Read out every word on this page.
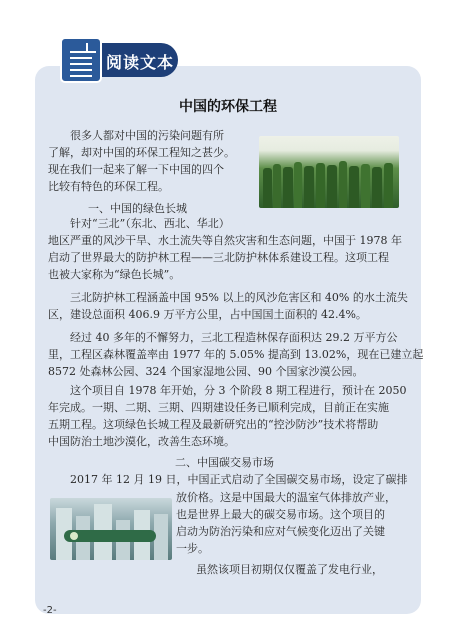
阅读文本
中国的环保工程
很多人都对中国的污染问题有所
了解，却对中国的环保工程知之甚少。
现在我们一起来了解一下中国的四个
比较有特色的环保工程。
一、中国的绿色长城
针对“三北”（东北、西北、华北）
地区严重的风沙干旱、水土流失等自然灾害和生态问题，中国于 1978 年
启动了世界最大的防护林工程——三北防护林体系建设工程。这项工程
也被大家称为“绿色长城”。
三北防护林工程涵盖中国 95% 以上的风沙危害区和 40% 的水土流失
区，建设总面积 406.9 万平方公里，占中国国土面积的 42.4%。
经过 40 多年的不懈努力，三北工程造林保存面积达 29.2 万平方公
里，工程区森林覆盖率由 1977 年的 5.05% 提高到 13.02%，现在已建立起
8572 处森林公园、324 个国家湿地公园、90 个国家沙漠公园。
这个项目自 1978 年开始，分 3 个阶段 8 期工程进行，预计在 2050
年完成。一期、二期、三期、四期建设任务已顺利完成，目前正在实施
五期工程。这项绿色长城工程及最新研究出的“控沙防沙”技术将帮助
中国防治土地沙漠化，改善生态环境。
二、中国碳交易市场
2017 年 12 月 19 日，中国正式启动了全国碳交易市场，设定了碳排
放价格。这是中国最大的温室气体排放产业，
也是世界上最大的碳交易市场。这个项目的
启动为防治污染和应对气候变化迈出了关键
一步。
虽然该项目初期仅仅覆盖了发电行业，
-2-
